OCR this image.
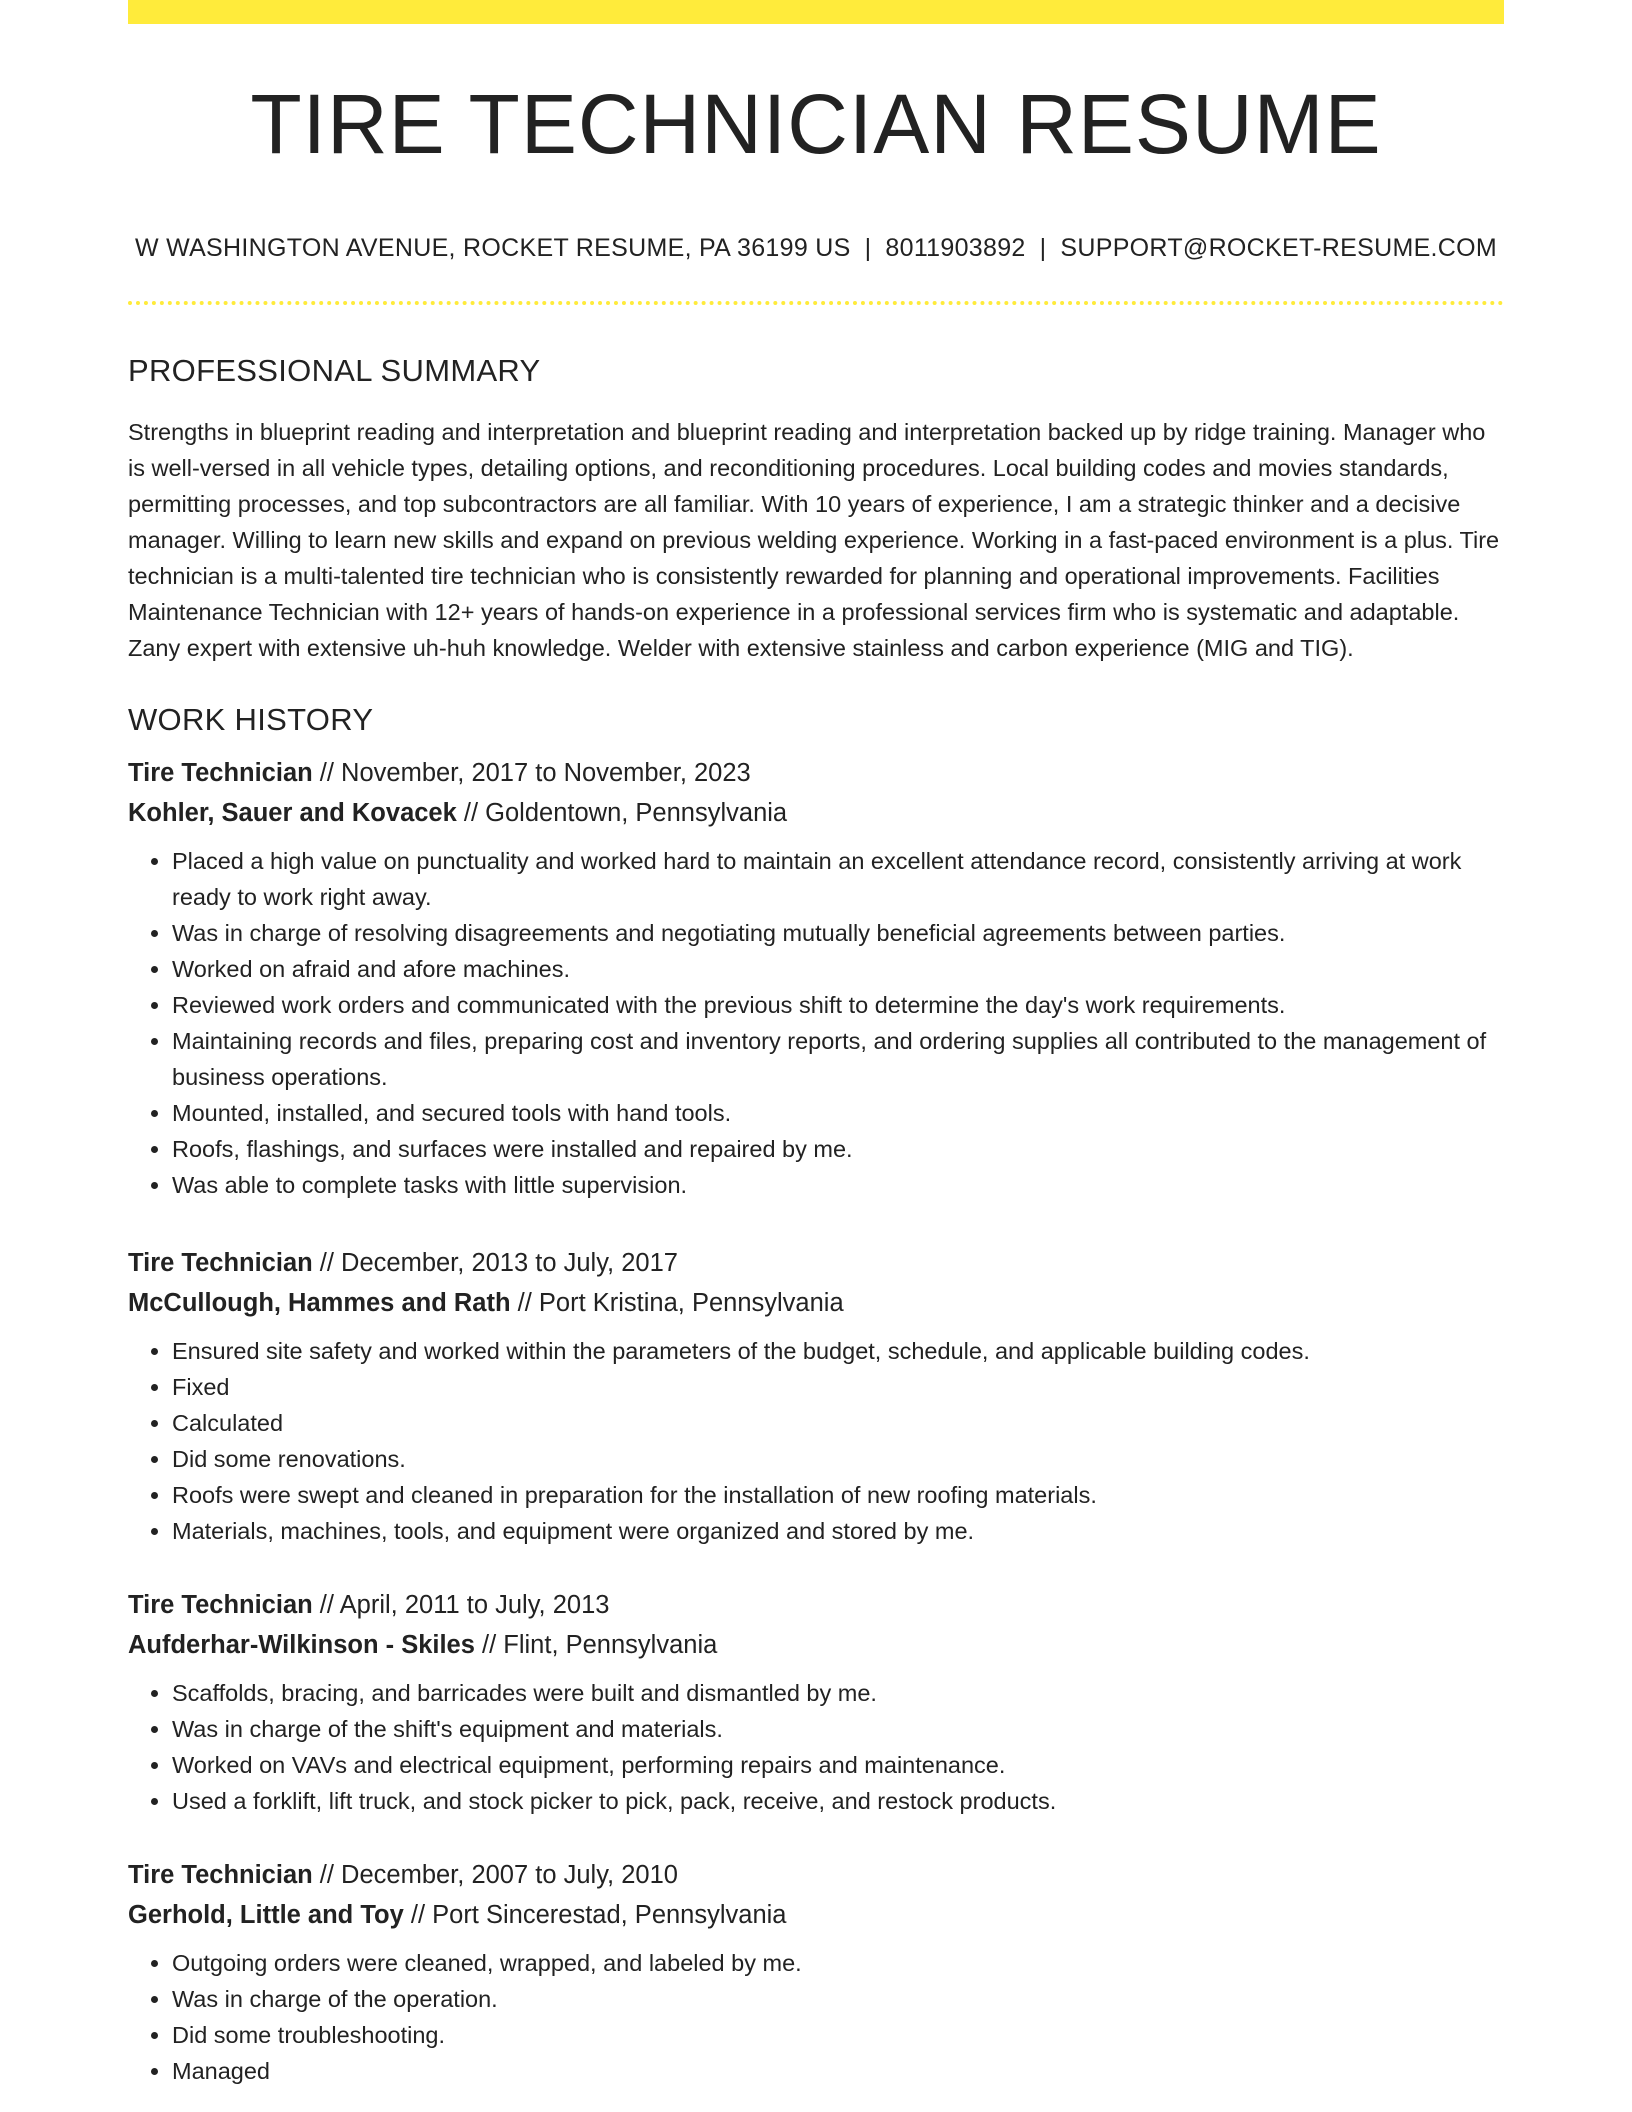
TIRE TECHNICIAN RESUME
W WASHINGTON AVENUE, ROCKET RESUME, PA 36199 US | 8011903892 | SUPPORT@ROCKET-RESUME.COM
PROFESSIONAL SUMMARY

Strengths in blueprint reading and interpretation and blueprint reading and interpretation backed up by ridge training. Manager who is well-versed in all vehicle types, detailing options, and reconditioning procedures. Local building codes and movies standards, permitting processes, and top subcontractors are all familiar. With 10 years of experience, I am a strategic thinker and a decisive manager. Willing to learn new skills and expand on previous welding experience. Working in a fast-paced environment is a plus. Tire technician is a multi-talented tire technician who is consistently rewarded for planning and operational improvements. Facilities Maintenance Technician with 12+ years of hands-on experience in a professional services firm who is systematic and adaptable. Zany expert with extensive uh-huh knowledge. Welder with extensive stainless and carbon experience (MIG and TIG).

WORK HISTORY
Tire Technician // November, 2017 to November, 2023
Kohler, Sauer and Kovacek // Goldentown, Pennsylvania
• Placed a high value on punctuality and worked hard to maintain an excellent attendance record, consistently arriving at work ready to work right away.
• Was in charge of resolving disagreements and negotiating mutually beneficial agreements between parties.
• Worked on afraid and afore machines.
• Reviewed work orders and communicated with the previous shift to determine the day's work requirements.
• Maintaining records and files, preparing cost and inventory reports, and ordering supplies all contributed to the management of business operations.
• Mounted, installed, and secured tools with hand tools.
• Roofs, flashings, and surfaces were installed and repaired by me.
• Was able to complete tasks with little supervision.
Tire Technician // December, 2013 to July, 2017
McCullough, Hammes and Rath // Port Kristina, Pennsylvania
• Ensured site safety and worked within the parameters of the budget, schedule, and applicable building codes.
• Fixed
• Calculated
• Did some renovations.
• Roofs were swept and cleaned in preparation for the installation of new roofing materials.
• Materials, machines, tools, and equipment were organized and stored by me.
Tire Technician // April, 2011 to July, 2013
Aufderhar-Wilkinson - Skiles // Flint, Pennsylvania
• Scaffolds, bracing, and barricades were built and dismantled by me.
• Was in charge of the shift's equipment and materials.
• Worked on VAVs and electrical equipment, performing repairs and maintenance.
• Used a forklift, lift truck, and stock picker to pick, pack, receive, and restock products.
Tire Technician // December, 2007 to July, 2010
Gerhold, Little and Toy // Port Sincerestad, Pennsylvania
• Outgoing orders were cleaned, wrapped, and labeled by me.
• Was in charge of the operation.
• Did some troubleshooting.
• Managed
